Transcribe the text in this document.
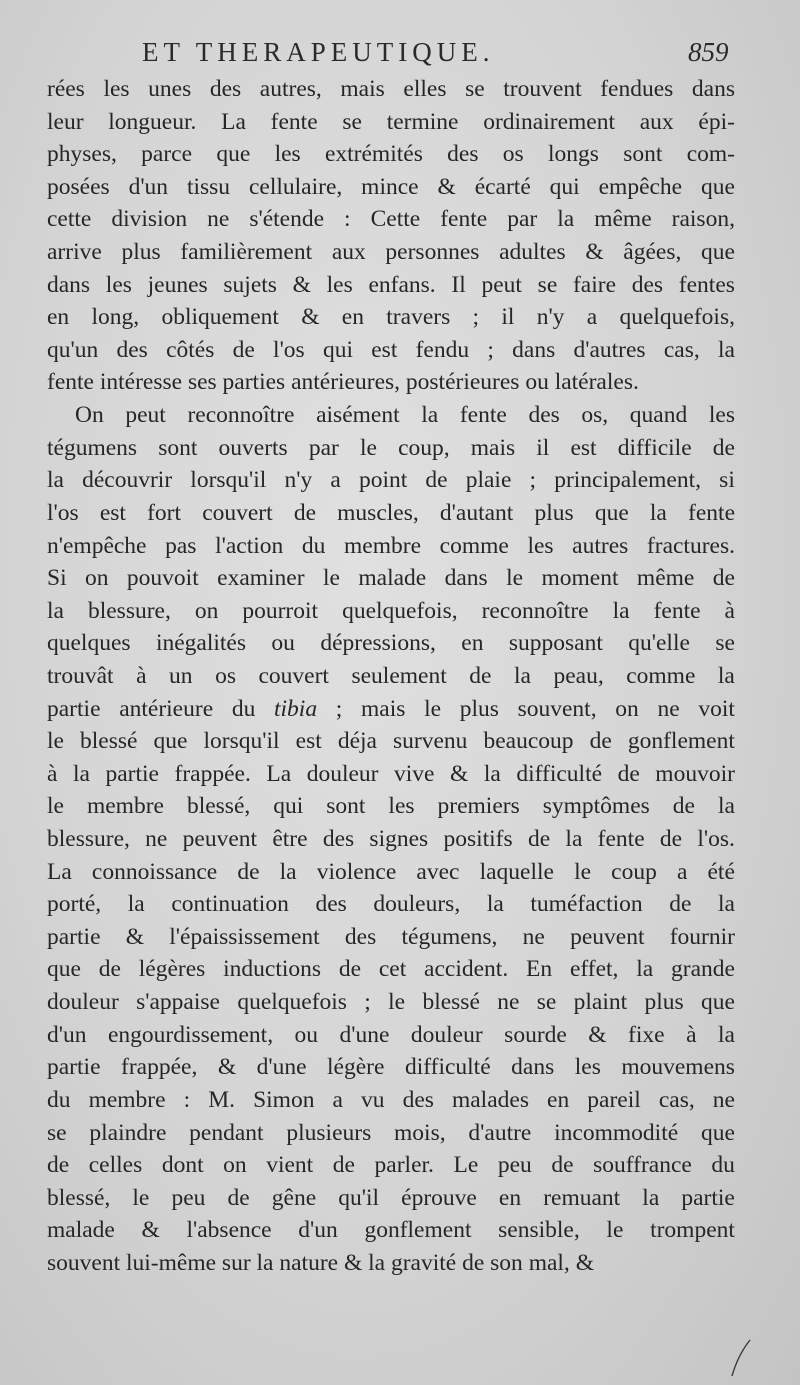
ET THERAPEUTIQUE.	859
rées les unes des autres, mais elles se trouvent fendues dans
leur longueur. La fente se termine ordinairement aux épi-
physes, parce que les extrémités des os longs sont com-
posées d'un tissu cellulaire, mince & écarté qui empêche que
cette division ne s'étende : Cette fente par la même raison,
arrive plus familièrement aux personnes adultes & âgées, que
dans les jeunes sujets & les enfans. Il peut se faire des fentes
en long, obliquement & en travers ; il n'y a quelquefois,
qu'un des côtés de l'os qui est fendu ; dans d'autres cas, la
fente
intéresse
ses
parties
antérieures,
postérieures
ou
latérales.
On peut reconnoître aisément la fente des os, quand les
tégumens sont ouverts par le coup, mais il est difficile de
la découvrir lorsqu'il n'y a point de plaie ; principalement, si
l'os est fort couvert de muscles, d'autant plus que la fente
n'empêche pas l'action du membre comme les autres fractures.
Si on pouvoit examiner le malade dans le moment même de
la blessure, on pourroit quelquefois, reconnoître la fente à
quelques inégalités ou dépressions, en supposant qu'elle se
trouvât à un os couvert seulement de la peau, comme la
partie antérieure du tibia ; mais le plus souvent, on ne voit
le blessé que lorsqu'il est déja survenu beaucoup de gonflement
à la partie frappée. La douleur vive & la difficulté de mouvoir
le membre blessé, qui sont les premiers symptômes de la
blessure, ne peuvent être des signes positifs de la fente de l'os.
La connoissance de la violence avec laquelle le coup a été
porté, la continuation des douleurs, la tuméfaction de la
partie & l'épaississement des tégumens, ne peuvent fournir
que de légères inductions de cet accident. En effet, la grande
douleur s'appaise quelquefois ; le blessé ne se plaint plus que
d'un engourdissement, ou d'une douleur sourde & fixe à la
partie frappée, & d'une légère difficulté dans les mouvemens
du membre : M. Simon a vu des malades en pareil cas, ne
se plaindre pendant plusieurs mois, d'autre incommodité que
de celles dont on vient de parler. Le peu de souffrance du
blessé, le peu de gêne qu'il éprouve en remuant la partie
malade & l'absence d'un gonflement sensible, le trompent
souvent
lui-même
sur
la
nature
&
la
gravité
de
son
mal,
&
